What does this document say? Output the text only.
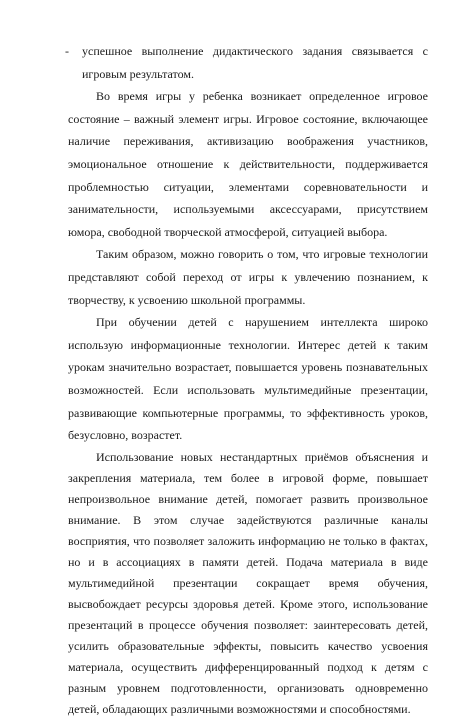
- успешное выполнение дидактического задания связывается с игровым результатом.

Во время игры у ребенка возникает определенное игровое состояние – важный элемент игры. Игровое состояние, включающее наличие переживания, активизацию воображения участников, эмоциональное отношение к действительности, поддерживается проблемностью ситуации, элементами соревновательности и занимательности, используемыми аксессуарами, присутствием юмора, свободной творческой атмосферой, ситуацией выбора.

Таким образом, можно говорить о том, что игровые технологии представляют собой переход от игры к увлечению познанием, к творчеству, к усвоению школьной программы.

При обучении детей с нарушением интеллекта широко использую информационные технологии. Интерес детей к таким урокам значительно возрастает, повышается уровень познавательных возможностей. Если использовать мультимедийные презентации, развивающие компьютерные программы, то эффективность уроков, безусловно, возрастет.

Использование новых нестандартных приёмов объяснения и закрепления материала, тем более в игровой форме, повышает непроизвольное внимание детей, помогает развить произвольное внимание. В этом случае задействуются различные каналы восприятия, что позволяет заложить информацию не только в фактах, но и в ассоциациях в памяти детей. Подача материала в виде мультимедийной презентации сокращает время обучения, высвобождает ресурсы здоровья детей. Кроме этого, использование презентаций в процессе обучения позволяет: заинтересовать детей, усилить образовательные эффекты, повысить качество усвоения материала, осуществить дифференцированный подход к детям с разным уровнем подготовленности, организовать одновременно детей, обладающих различными возможностями и способностями.
